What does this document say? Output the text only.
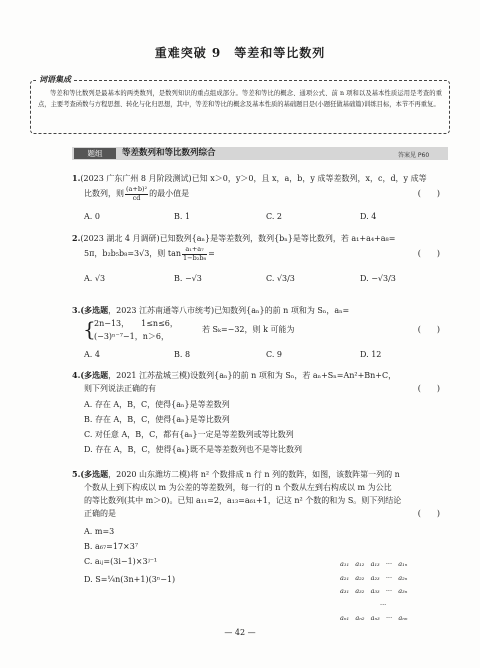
重难突破 9　等差和等比数列
词语集成
等差和等比数列是最基本的两类数列，是数列知识的重点组成部分。等差和等比的概念、通项公式、前 n 项和以及基本性质运用是考查的重点，主要考查函数与方程思想、转化与化归思想，其中，等差和等比的概念及基本性质的基础题目是(小题狂做基础篇)训练目标，本节不再重复。
题组	等差数列和等比数列综合	答案见 P60
1.(2023 广东广州 8 月阶段测试)已知 x＞0，y＞0，且 x，a，b，y 成等差数列，x，c，d，y 成等
比数列，则 $\frac{\text{(a+b)²}}{cd}$ 的最小值是	(　　)
A. 0	B. 1	C. 2	D. 4
2.(2023 湖北 4 月调研)已知数列{aₙ}是等差数列，数列{bₙ}是等比数列，若 a₁+a₄+a₈=
5π，b₂b₅b₈=3√3，则 $\tan \frac{\text{a₁+a₇}}{\text{1−b₂b₈}}$ =	(　　)
A. √3	B. −√3	C. √3/3	D. −√3/3
3.(多选题，2023 江苏南通等八市统考)已知数列{aₙ}的前 n 项和为 Sₙ，aₙ=
{
2n−13，　　1≤n≤6，
(−3)ⁿ⁻⁷−1，n＞6，
若 Sₖ=−32，则 k 可能为	(　　)
A. 4	B. 8	C. 9	D. 12
4.(多选题，2021 江苏盐城三模)设数列{aₙ}的前 n 项和为 Sₙ，若 aₙ+Sₙ=An²+Bn+C，
则下列说法正确的有	(　　)
A. 存在 A，B，C，使得{aₙ}是等差数列
B. 存在 A，B，C，使得{aₙ}是等比数列
C. 对任意 A，B，C，都有{aₙ}一定是等差数列或等比数列
D. 存在 A，B，C，使得{aₙ}既不是等差数列也不是等比数列
5.(多选题，2020 山东潍坊二模)将 n² 个数排成 n 行 n 列的数阵，如图，该数阵第一列的 n
个数从上到下构成以 m 为公差的等差数列，每一行的 n 个数从左到右构成以 m 为公比
的等比数列(其中 m＞0)。已知 a₁₁=2，a₁₃=a₆₁+1，记这 n² 个数的和为 S。则下列结论
正确的是	(　　)
A. m=3
B. a₆₇=17×3⁷
C. aᵢⱼ=(3i−1)×3ʲ⁻¹
D. S=¼n(3n+1)(3ⁿ−1)
a₁₁   a₁₂   a₁₃   ···   a₁ₙ
a₂₁   a₂₂   a₂₃   ···   a₂ₙ
a₃₁   a₃₂   a₃₃   ···   a₃ₙ
···
aₙ₁   aₙ₂   aₙ₃   ···   aₙₙ
— 42 —
